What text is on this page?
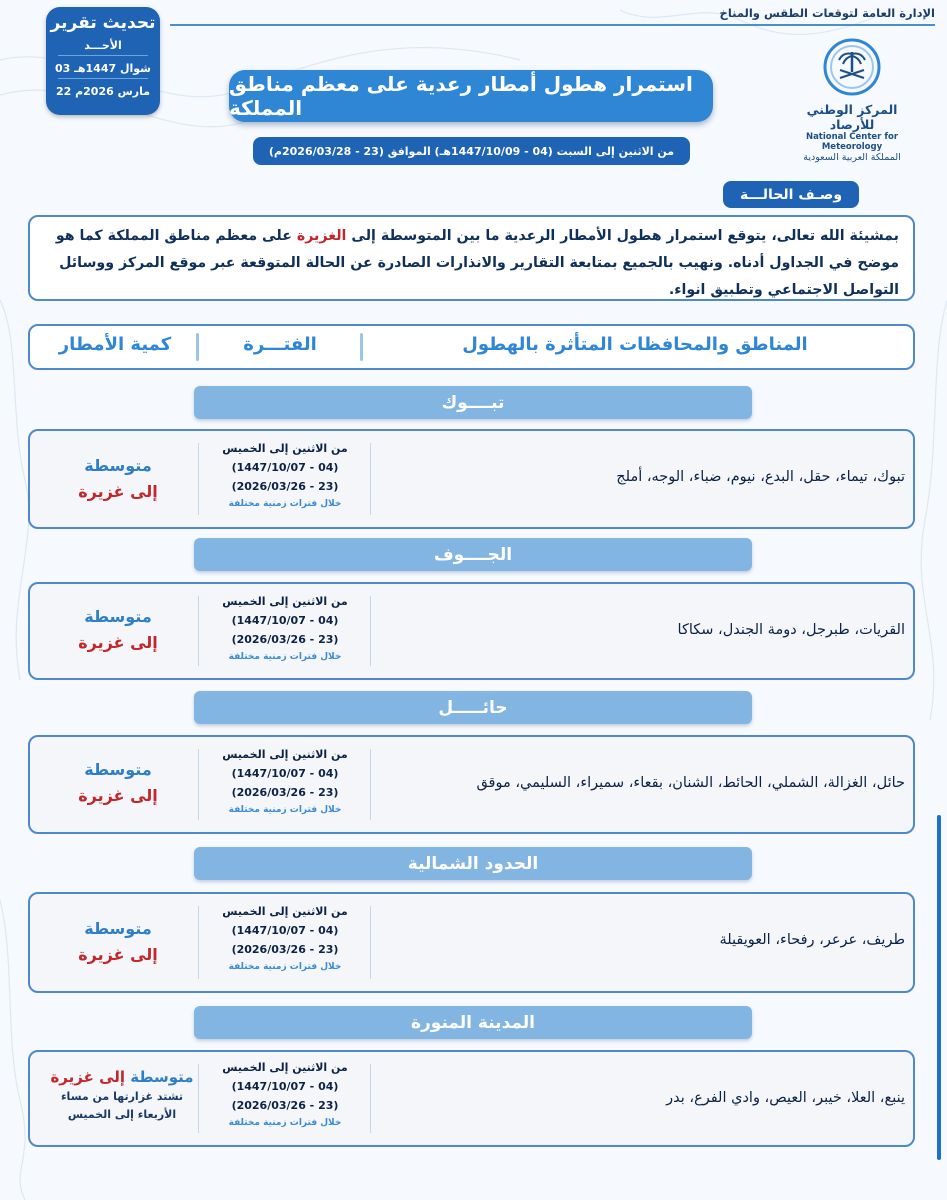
الإدارة العامة لتوقعات الطقس والمناخ
تحديث تقرير
الأحـــد
03 شوال 1447هـ
22 مارس 2026م
المركز الوطني للأرصاد
National Center for Meteorology
المملكة العربية السعودية
استمرار هطول أمطار رعدية على معظم مناطق المملكة
من الاثنين إلى السبت (04 - 1447/10/09هـ) الموافق (23 - 2026/03/28م)
وصـف الحالـــة
بمشيئة الله تعالى، يتوقع استمرار هطول الأمطار الرعدية ما بين المتوسطة إلى الغزيرة على معظم مناطق المملكة كما هو موضح في الجداول أدناه. ونهيب بالجميع بمتابعة التقارير والانذارات الصادرة عن الحالة المتوقعة عبر موقع المركز ووسائل التواصل الاجتماعي وتطبيق انواء.
المناطق والمحافظات المتأثرة بالهطول
الفتـــرة
كمية الأمطار
تبــــوك
تبوك، تيماء، حقل، البدع، نيوم، ضباء، الوجه، أملج
من الاثنين إلى الخميس
(1447/10/07 - 04)
(2026/03/26 - 23)
خلال فترات زمنية مختلفة
متوسطة
إلى غزيرة
الجــــوف
القريات، طبرجل، دومة الجندل، سكاكا
من الاثنين إلى الخميس
(1447/10/07 - 04)
(2026/03/26 - 23)
خلال فترات زمنية مختلفة
متوسطة
إلى غزيرة
حائـــــل
حائل، الغزالة، الشملي، الحائط، الشنان، بقعاء، سميراء، السليمي، موقق
من الاثنين إلى الخميس
(1447/10/07 - 04)
(2026/03/26 - 23)
خلال فترات زمنية مختلفة
متوسطة
إلى غزيرة
الحدود الشمالية
طريف، عرعر، رفحاء، العويقيلة
من الاثنين إلى الخميس
(1447/10/07 - 04)
(2026/03/26 - 23)
خلال فترات زمنية مختلفة
متوسطة
إلى غزيرة
المدينة المنورة
ينبع، العلا، خيبر، العيص، وادي الفرع، بدر
من الاثنين إلى الخميس
(1447/10/07 - 04)
(2026/03/26 - 23)
خلال فترات زمنية مختلفة
متوسطة إلى غزيرة
تشتد غزارتها من مساء
الأربعاء إلى الخميس
